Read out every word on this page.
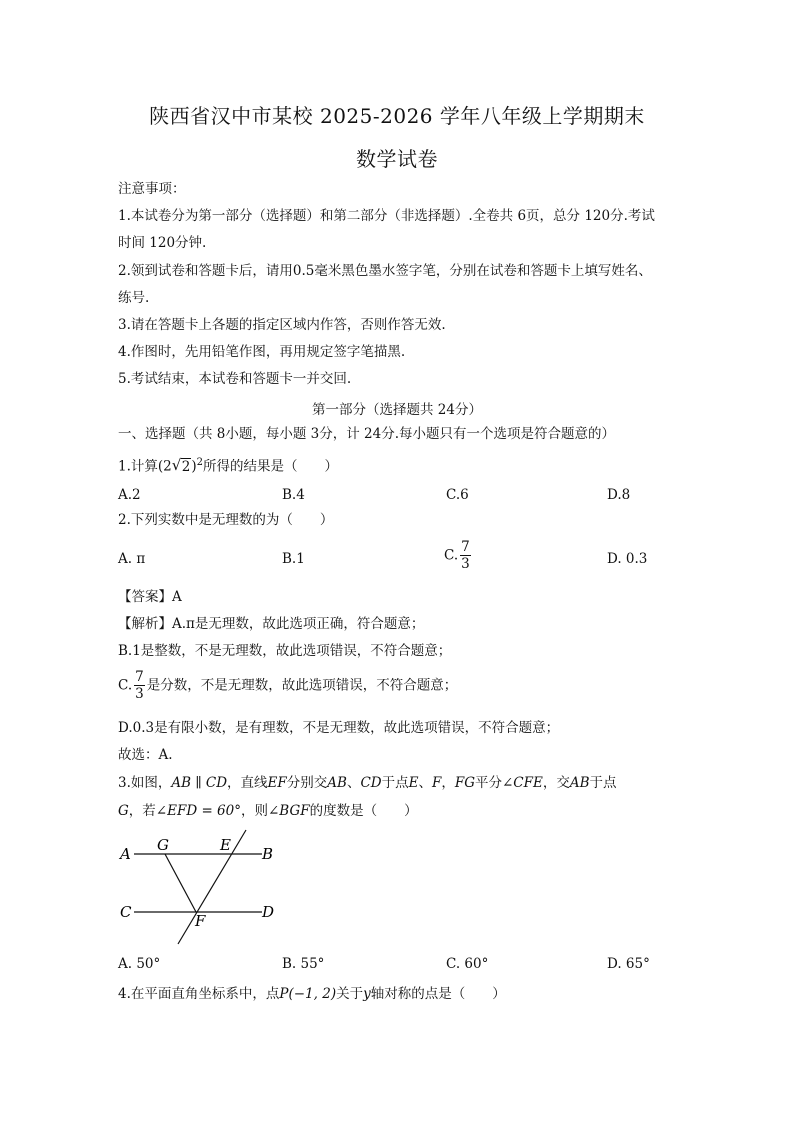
陕西省汉中市某校 2025-2026 学年八年级上学期期末
数学试卷
注意事项：
1.本试卷分为第一部分（选择题）和第二部分（非选择题）.全卷共 6页，总分 120分.考试
时间 120分钟.
2.领到试卷和答题卡后，请用0.5毫米黑色墨水签字笔，分别在试卷和答题卡上填写姓名、
练号.
3.请在答题卡上各题的指定区域内作答，否则作答无效.
4.作图时，先用铅笔作图，再用规定签字笔描黑.
5.考试结束，本试卷和答题卡一并交回.
第一部分（选择题共 24分）
一、选择题（共 8小题，每小题 3分，计 24分.每小题只有一个选项是符合题意的）
1.计算(2 √ 2)$^2$所得的结果是（　　）
A.2	B.4	C.6	D.8
2.下列实数中是无理数的为（　　）
A. π	B.1	C. $\frac{7}{3}$	D. 0.3
【答案】A
【解析】A.π是无理数，故此选项正确，符合题意；
B.1是整数，不是无理数，故此选项错误，不符合题意；
C. $\frac{7}{3}$ 是分数，不是无理数，故此选项错误，不符合题意；
D.0.3是有限小数，是有理数，不是无理数，故此选项错误，不符合题意；
故选：A.
3.如图，AB ∥ CD，直线EF分别交AB、CD于点E、F，FG平分∠CFE，交AB于点
G，若∠EFD = 60°，则∠BGF的度数是（　　）
A G	E B
C	F	D
A. 50°	B. 55°	C. 60°	D. 65°
4.在平面直角坐标系中，点P(−1, 2)关于y轴对称的点是（　　）
